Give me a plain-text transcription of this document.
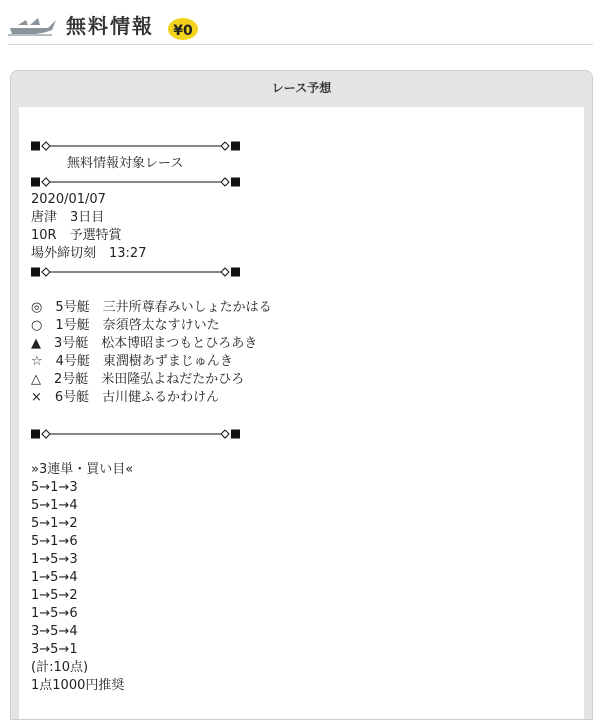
無料情報 ¥0
レース予想
無料情報対象レース
2020/01/07
唐津　3日目
10R　予選特賞
場外締切刻　13:27
◎　5号艇　三井所尊春みいしょたかはる
○　1号艇　奈須啓太なすけいた
▲　3号艇　松本博昭まつもとひろあき
☆　4号艇　東潤樹あずまじゅんき
△　2号艇　米田隆弘よねだたかひろ
×　6号艇　古川健ふるかわけん
»3連単・買い目«
5→1→3
5→1→4
5→1→2
5→1→6
1→5→3
1→5→4
1→5→2
1→5→6
3→5→4
3→5→1
(計:10点)
1点1000円推奨
